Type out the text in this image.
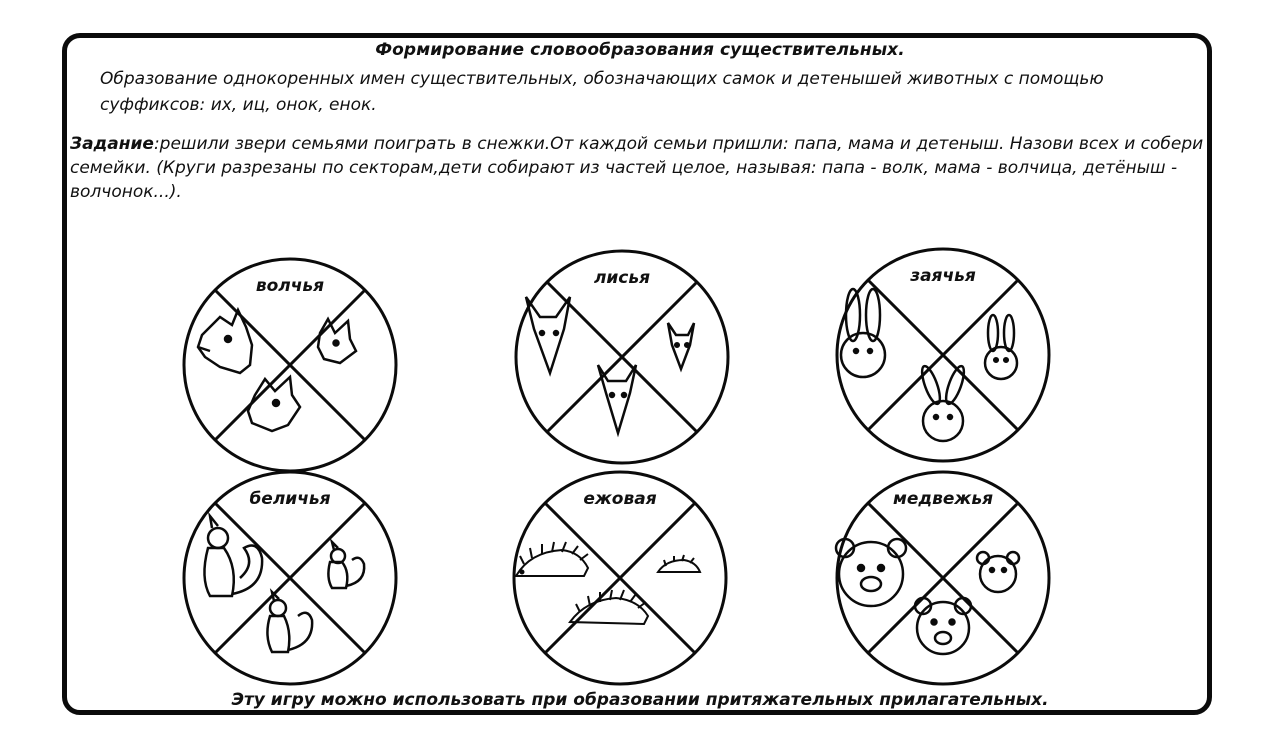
Формирование словообразования существительных.
Образование однокоренных имен существительных, обозначающих самок и детенышей животных с помощью суффиксов: их, иц, онок, енок.
Задание:решили звери семьями поиграть в снежки.От каждой семьи пришли: папа, мама и детеныш. Назови всех и собери семейки. (Круги разрезаны по секторам,дети собирают из частей целое, называя: папа - волк, мама - волчица, детёныш - волчонок...).
волчья	лисья	заячья
беличья	ежовая	медвежья
Эту игру можно использовать при образовании притяжательных прилагательных.
